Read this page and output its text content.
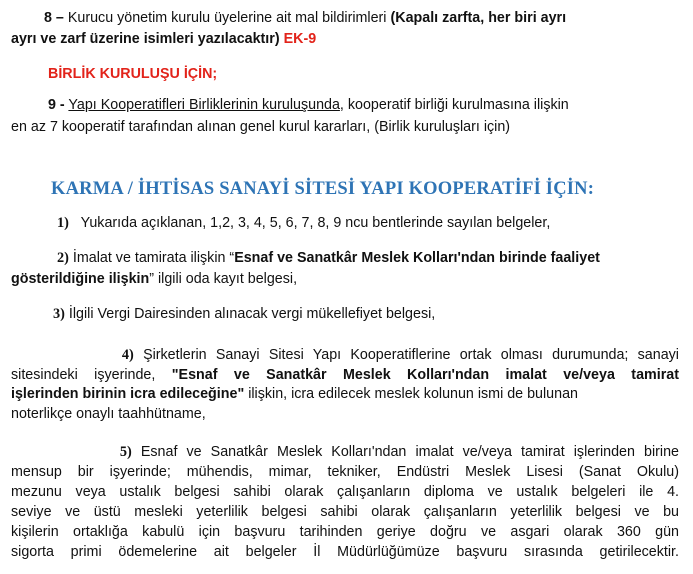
8 – Kurucu yönetim kurulu üyelerine ait mal bildirimleri (Kapalı zarfta, her biri ayrı
ayrı ve zarf üzerine isimleri yazılacaktır) EK-9
BİRLİK KURULUŞU İÇİN;
9 - Yapı Kooperatifleri Birliklerinin kuruluşunda, kooperatif birliği kurulmasına ilişkin
en az 7 kooperatif tarafından alınan genel kurul kararları, (Birlik kuruluşları için)
KARMA / İHTİSAS SANAYİ SİTESİ YAPI KOOPERATİFİ İÇİN:
1) Yukarıda açıklanan, 1,2, 3, 4, 5, 6, 7, 8, 9 ncu bentlerinde sayılan belgeler,
2) İmalat ve tamirata ilişkin “Esnaf ve Sanatkâr Meslek Kolları'ndan birinde faaliyet
gösterildiğine ilişkin” ilgili oda kayıt belgesi,
3) İlgili Vergi Dairesinden alınacak vergi mükellefiyet belgesi,
4) Şirketlerin Sanayi Sitesi Yapı Kooperatiflerine ortak olması durumunda; sanayi
sitesindeki işyerinde, "Esnaf ve Sanatkâr Meslek Kolları'ndan imalat ve/veya tamirat
işlerinden birinin icra edileceğine" ilişkin, icra edilecek meslek kolunun ismi de bulunan
noterlikçe onaylı taahhütname,
5) Esnaf ve Sanatkâr Meslek Kolları'ndan imalat ve/veya tamirat işlerinden birine
mensup bir işyerinde; mühendis, mimar, tekniker, Endüstri Meslek Lisesi (Sanat Okulu)
mezunu veya ustalık belgesi sahibi olarak çalışanların diploma ve ustalık belgeleri ile 4.
seviye ve üstü mesleki yeterlilik belgesi sahibi olarak çalışanların yeterlilik belgesi ve bu
kişilerin ortaklığa kabulü için başvuru tarihinden geriye doğru ve asgari olarak 360 gün
sigorta primi ödemelerine ait belgeler İl Müdürlüğümüze başvuru sırasında getirilecektir.
